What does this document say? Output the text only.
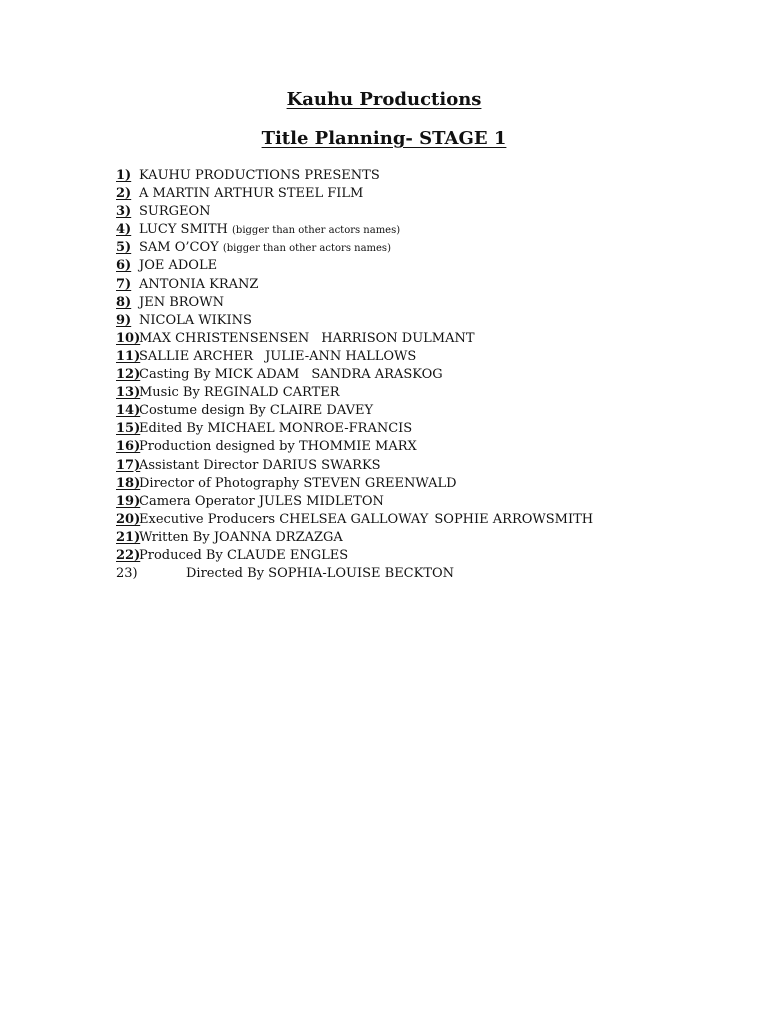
Kauhu Productions
Title Planning- STAGE 1
1) KAUHU PRODUCTIONS PRESENTS
2) A MARTIN ARTHUR STEEL FILM
3) SURGEON
4) LUCY SMITH (bigger than other actors names)
5) SAM O’COY (bigger than other actors names)
6) JOE ADOLE
7) ANTONIA KRANZ
8) JEN BROWN
9) NICOLA WIKINS
10)MAX CHRISTENSENSEN HARRISON DULMANT
11)SALLIE ARCHER JULIE-ANN HALLOWS
12)Casting By MICK ADAM SANDRA ARASKOG
13)Music By REGINALD CARTER
14)Costume design By CLAIRE DAVEY
15)Edited By MICHAEL MONROE-FRANCIS
16)Production designed by THOMMIE MARX
17)Assistant Director DARIUS SWARKS
18)Director of Photography STEVEN GREENWALD
19)Camera Operator JULES MIDLETON
20)Executive Producers CHELSEA GALLOWAY SOPHIE ARROWSMITH
21)Written By JOANNA DRZAZGA
22)Produced By CLAUDE ENGLES
23)	Directed By SOPHIA-LOUISE BECKTON
